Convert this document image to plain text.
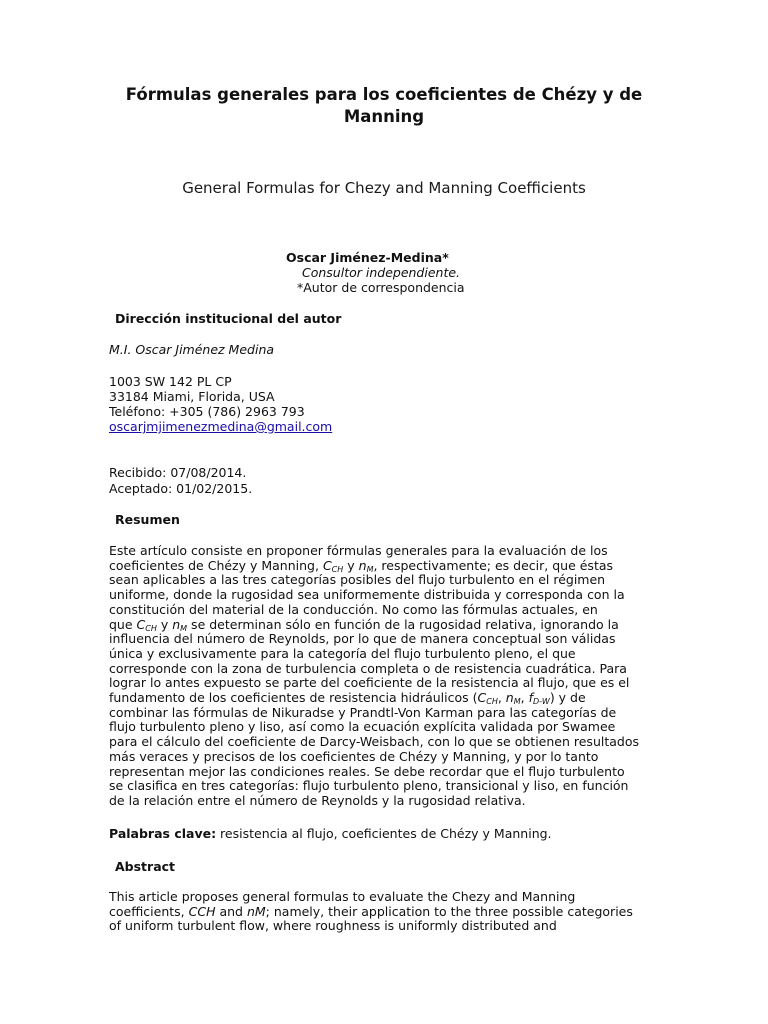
Fórmulas generales para los coeficientes de Chézy y de
Manning
General Formulas for Chezy and Manning Coefficients
Oscar Jiménez-Medina*
Consultor independiente.
*Autor de correspondencia
Dirección institucional del autor
M.I. Oscar Jiménez Medina
1003 SW 142 PL CP
33184 Miami, Florida, USA
Teléfono: +305 (786) 2963 793
oscarjmjimenezmedina@gmail.com
Recibido: 07/08/2014.
Aceptado: 01/02/2015.
Resumen
Este artículo consiste en proponer fórmulas generales para la evaluación de los
coeficientes de Chézy y Manning, $C_{CH}$ y $n_M$, respectivamente; es decir, que éstas
sean aplicables a las tres categorías posibles del flujo turbulento en el régimen
uniforme, donde la rugosidad sea uniformemente distribuida y corresponda con la
constitución del material de la conducción. No como las fórmulas actuales, en
que $C_{CH}$ y $n_M$ se determinan sólo en función de la rugosidad relativa, ignorando la
influencia del número de Reynolds, por lo que de manera conceptual son válidas
única y exclusivamente para la categoría del flujo turbulento pleno, el que
corresponde con la zona de turbulencia completa o de resistencia cuadrática. Para
lograr lo antes expuesto se parte del coeficiente de la resistencia al flujo, que es el
fundamento de los coeficientes de resistencia hidráulicos ($C_{CH}$, $n_M$, $f_{D-W}$) y de
combinar las fórmulas de Nikuradse y Prandtl-Von Karman para las categorías de
flujo turbulento pleno y liso, así como la ecuación explícita validada por Swamee
para el cálculo del coeficiente de Darcy-Weisbach, con lo que se obtienen resultados
más veraces y precisos de los coeficientes de Chézy y Manning, y por lo tanto
representan mejor las condiciones reales. Se debe recordar que el flujo turbulento
se clasifica en tres categorías: flujo turbulento pleno, transicional y liso, en función
de la relación entre el número de Reynolds y la rugosidad relativa.
Palabras clave: resistencia al flujo, coeficientes de Chézy y Manning.
Abstract
This article proposes general formulas to evaluate the Chezy and Manning
coefficients, CCH and nM; namely, their application to the three possible categories
of uniform turbulent flow, where roughness is uniformly distributed and
